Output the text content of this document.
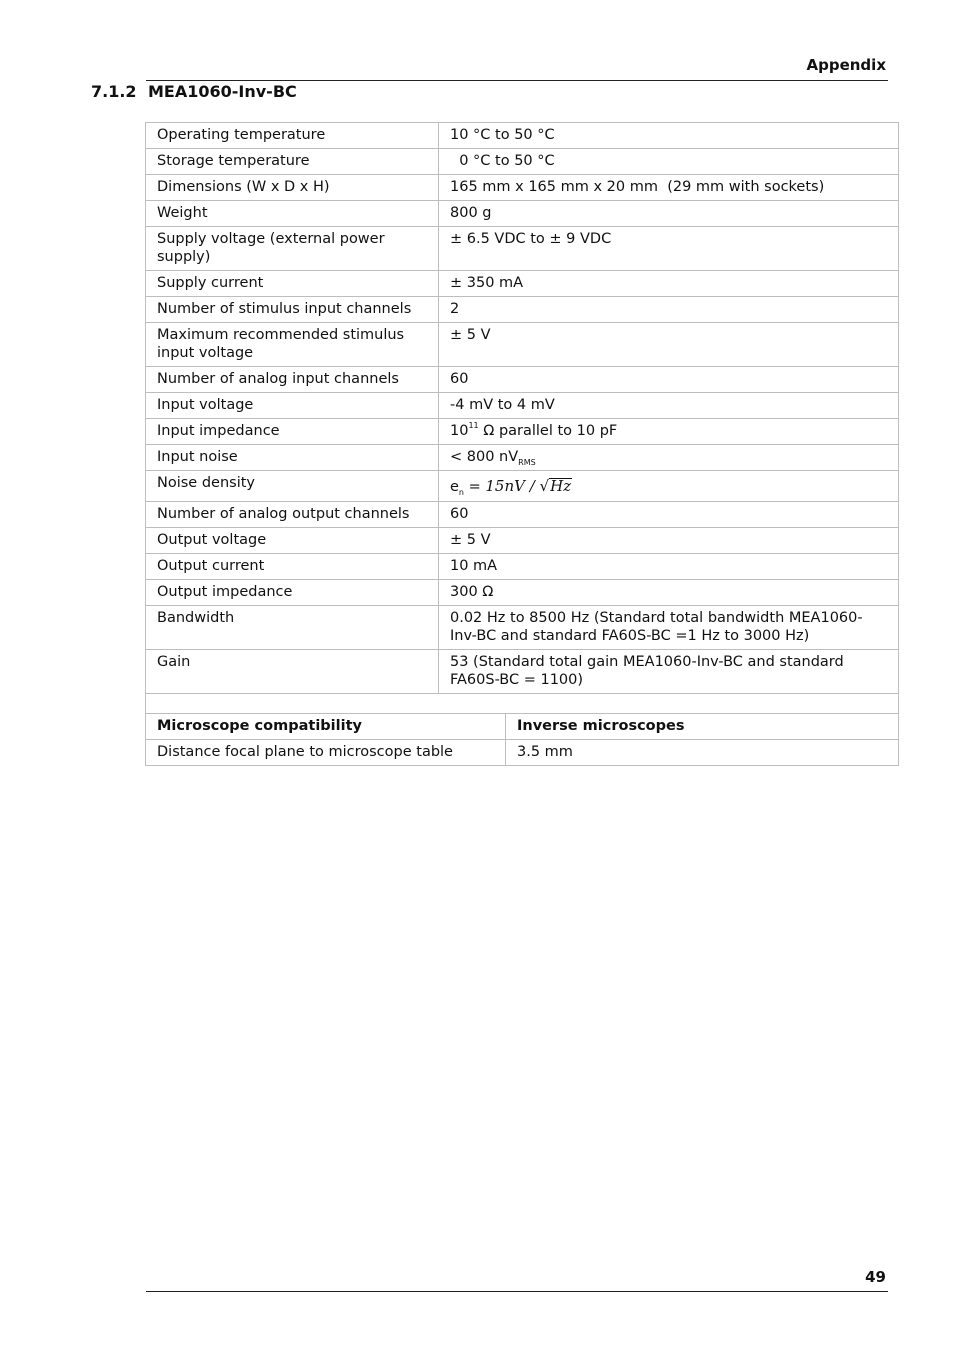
Appendix
7.1.2 MEA1060-Inv-BC
Operating temperature	10 °C to 50 °C
Storage temperature	0 °C to 50 °C
Dimensions (W x D x H)	165 mm x 165 mm x 20 mm  (29 mm with sockets)
Weight	800 g
Supply voltage (external power supply)	± 6.5 VDC to ± 9 VDC
Supply current	± 350 mA
Number of stimulus input channels	2
Maximum recommended stimulus input voltage	± 5 V
Number of analog input channels	60
Input voltage	-4 mV to 4 mV
Input impedance	$10^{11}$ Ω parallel to 10 pF
Input noise	< 800 $nV_{RMS}$
Noise density	$e_n = 15nV / √Hz$
Number of analog output channels	60
Output voltage	± 5 V
Output current	10 mA
Output impedance	300 Ω
Bandwidth	0.02 Hz to 8500 Hz (Standard total bandwidth MEA1060-Inv-BC and standard FA60S-BC =1 Hz to 3000 Hz)
Gain	53 (Standard total gain MEA1060-Inv-BC and standard FA60S-BC = 1100)

Microscope compatibility	Inverse microscopes
Distance focal plane to microscope table	3.5 mm
49
